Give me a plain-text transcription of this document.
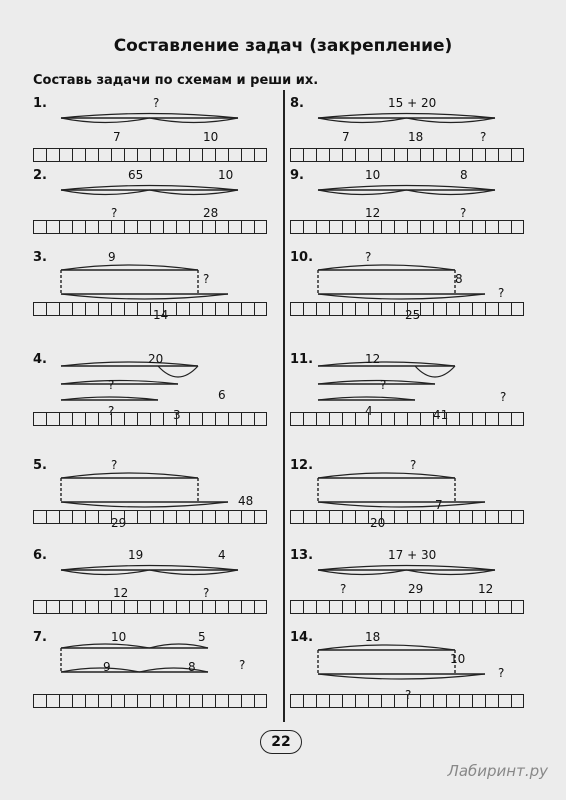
Составление задач (закрепление)
Составь задачи по схемам и реши их.
1.	?
7	10
2.	65	10
?	28
3.	9
?
14
4.	20
?
6
?	3
5.	?
29
48
6.	19	4
12	?
7.	10	5
9	8	?
8.	15 + 20
7	18	?
9.	10	8
12	?
10.	?
8
25
?
11.	12
?
?
4	41
12.	?
7
20
13.	17 + 30
?	29	12
14.	18
10
?
?
22
Лабиринт.ру
